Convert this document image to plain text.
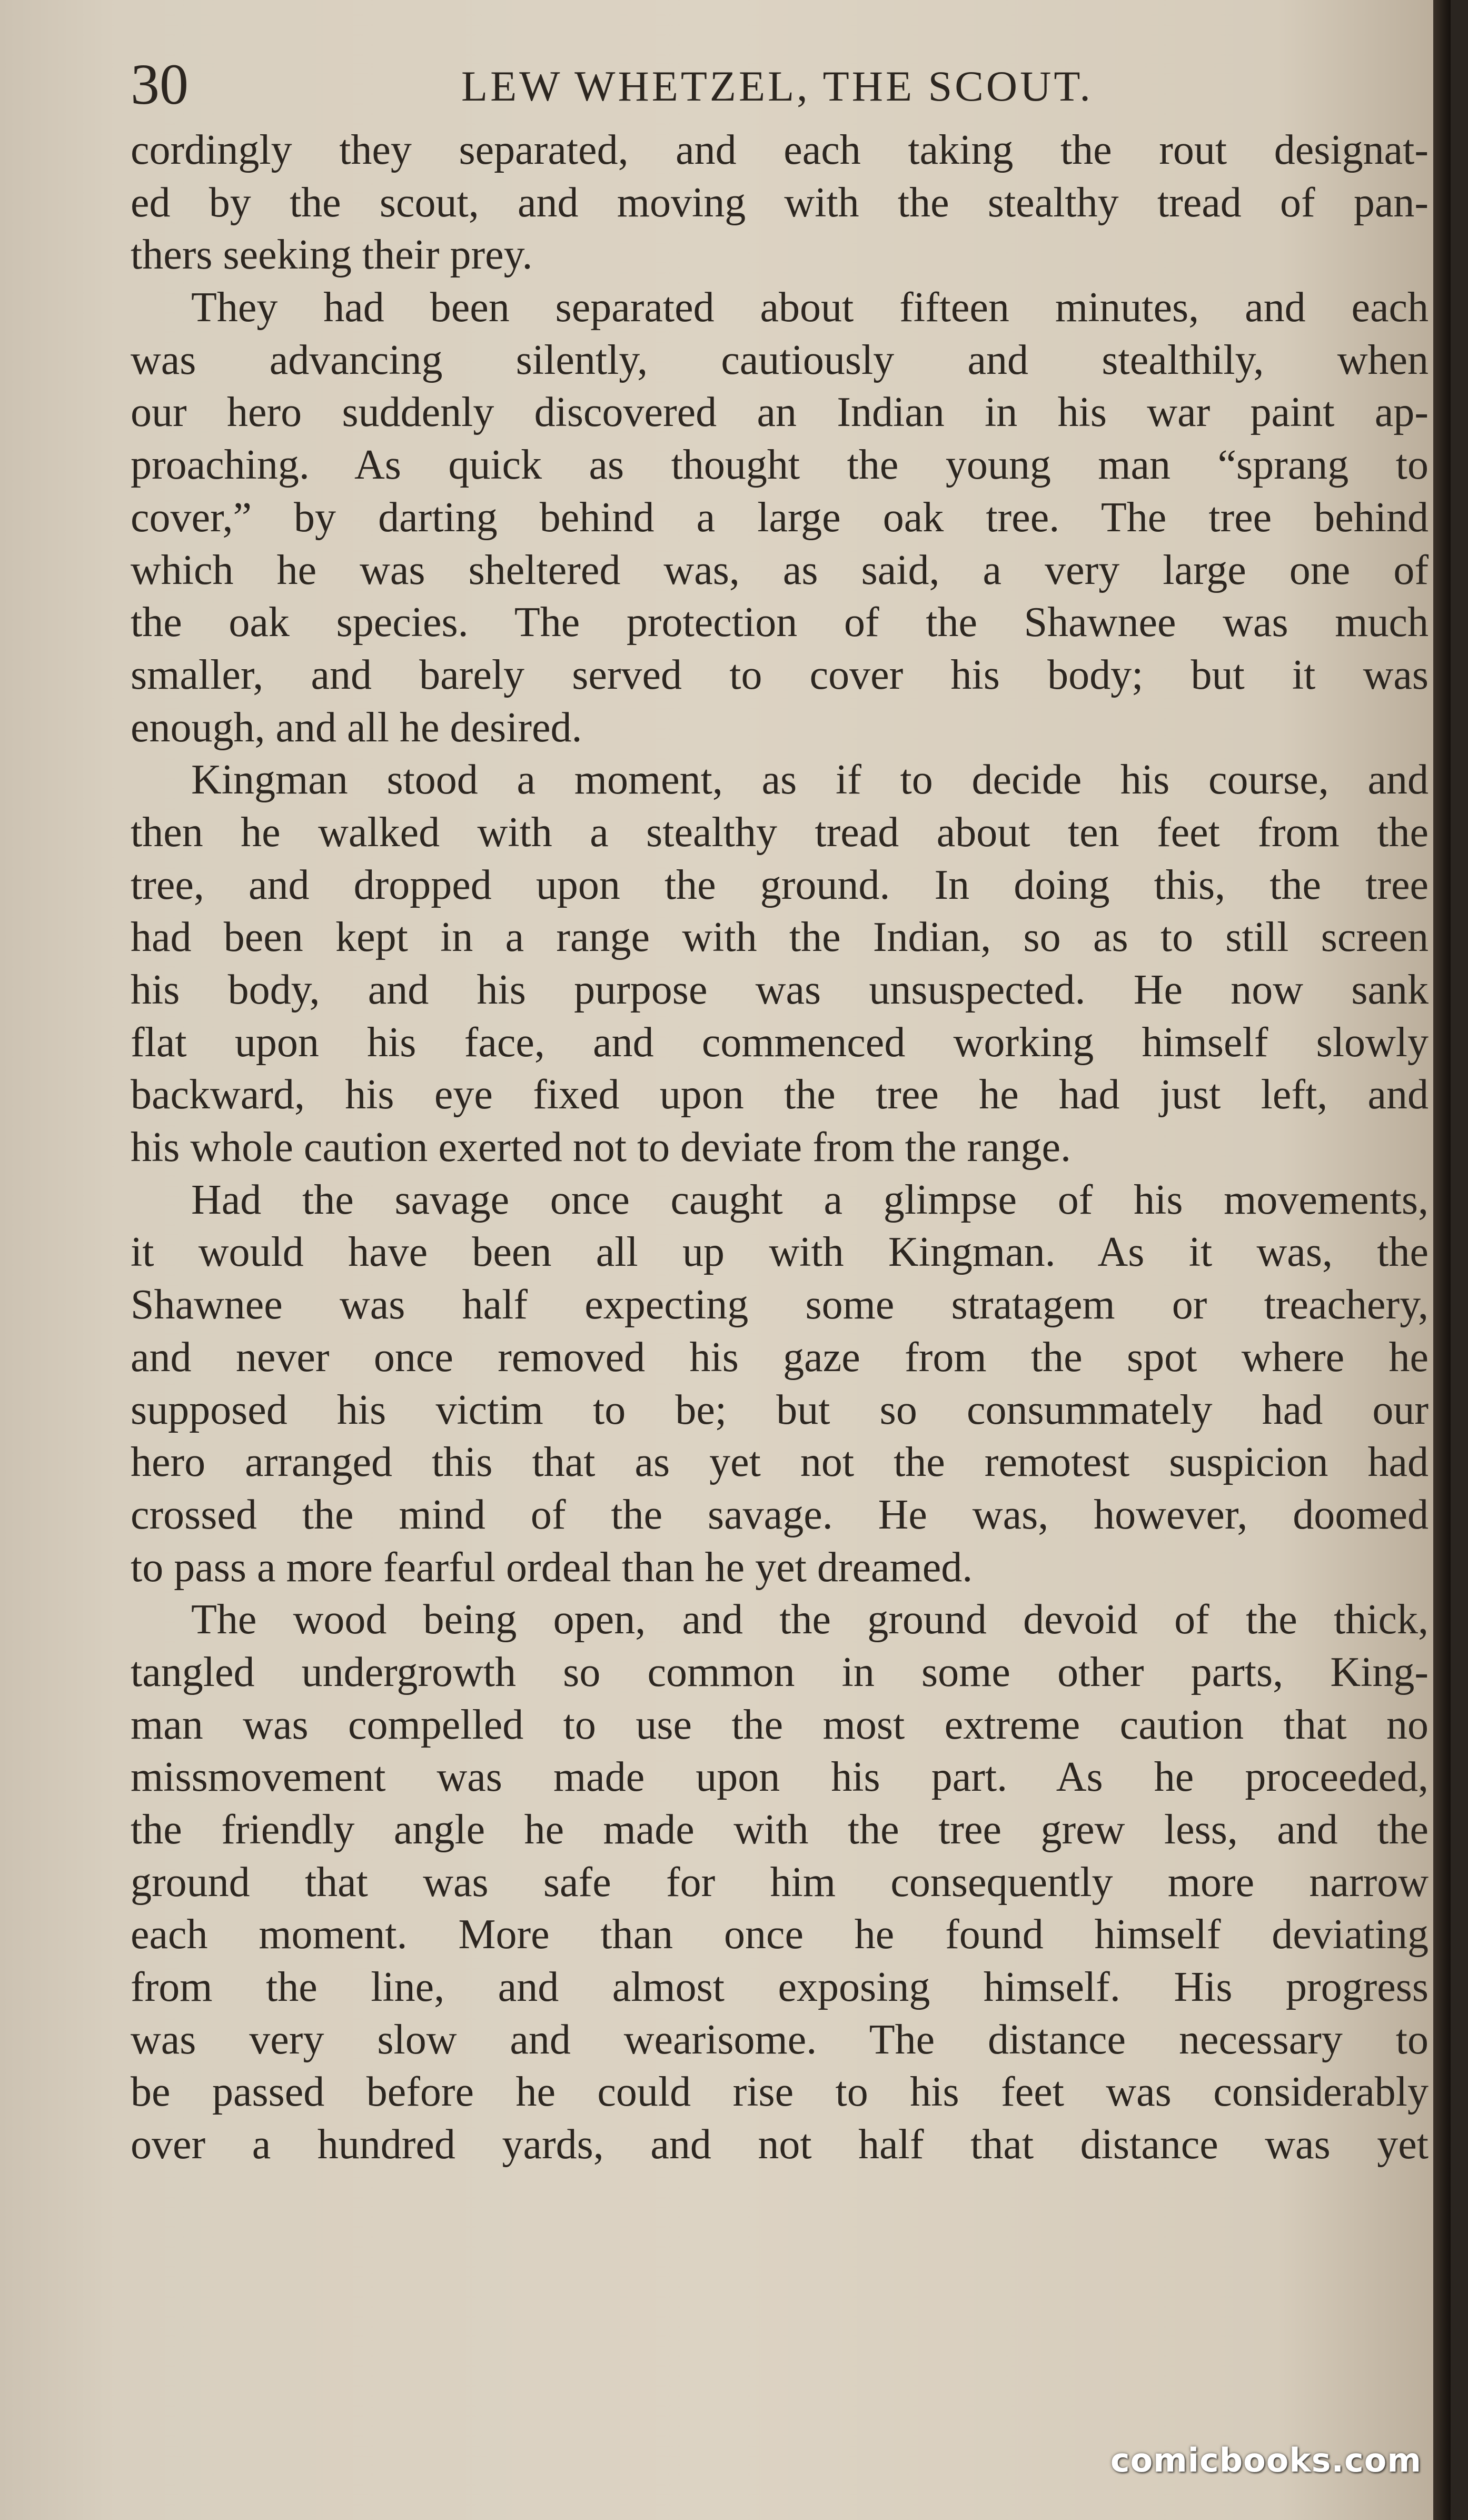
30	LEW WHETZEL, THE SCOUT.
cordingly they separated, and each taking the rout designat-
ed by the scout, and moving with the stealthy tread of pan-
thers seeking their prey.
They had been separated about fifteen minutes, and each
was advancing silently, cautiously and stealthily, when
our hero suddenly discovered an Indian in his war paint ap-
proaching. As quick as thought the young man “sprang to
cover,” by darting behind a large oak tree. The tree behind
which he was sheltered was, as said, a very large one of
the oak species. The protection of the Shawnee was much
smaller, and barely served to cover his body; but it was
enough, and all he desired.
Kingman stood a moment, as if to decide his course, and
then he walked with a stealthy tread about ten feet from the
tree, and dropped upon the ground. In doing this, the tree
had been kept in a range with the Indian, so as to still screen
his body, and his purpose was unsuspected. He now sank
flat upon his face, and commenced working himself slowly
backward, his eye fixed upon the tree he had just left, and
his whole caution exerted not to deviate from the range.
Had the savage once caught a glimpse of his movements,
it would have been all up with Kingman. As it was, the
Shawnee was half expecting some stratagem or treachery,
and never once removed his gaze from the spot where he
supposed his victim to be; but so consummately had our
hero arranged this that as yet not the remotest suspicion had
crossed the mind of the savage. He was, however, doomed
to pass a more fearful ordeal than he yet dreamed.
The wood being open, and the ground devoid of the thick,
tangled undergrowth so common in some other parts, King-
man was compelled to use the most extreme caution that no
missmovement was made upon his part. As he proceeded,
the friendly angle he made with the tree grew less, and the
ground that was safe for him consequently more narrow
each moment. More than once he found himself deviating
from the line, and almost exposing himself. His progress
was very slow and wearisome. The distance necessary to
be passed before he could rise to his feet was considerably
over a hundred yards, and not half that distance was yet
comicbooks.com
